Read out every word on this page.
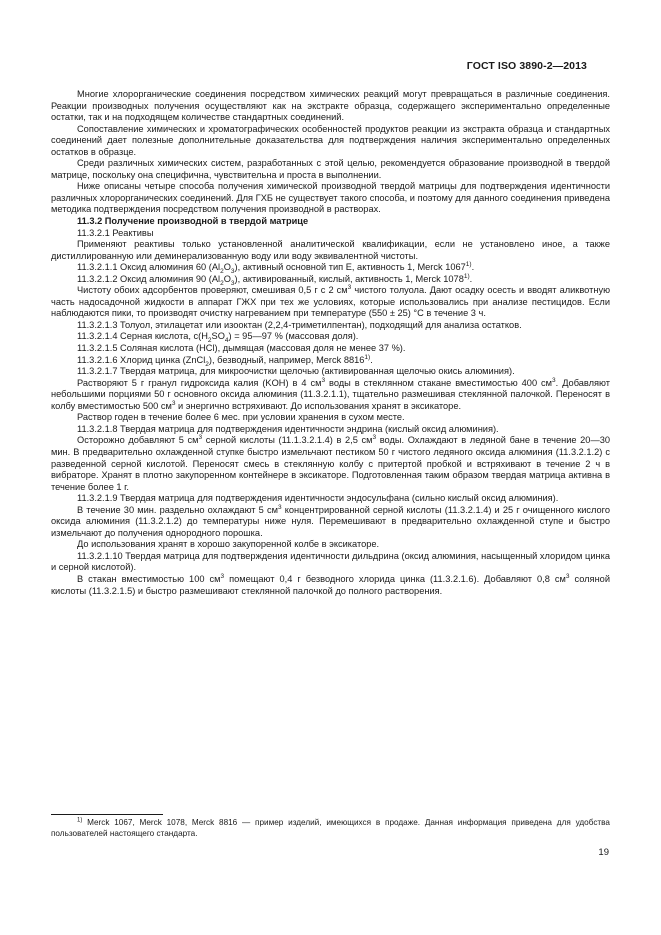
ГОСТ ISO 3890-2—2013

Многие хлорорганические соединения посредством химических реакций могут превращаться в различные соединения. Реакции производных получения осуществляют как на экстракте образца, содержащего экспериментально определенные остатки, так и на подходящем количестве стандартных соединений.

Сопоставление химических и хроматографических особенностей продуктов реакции из экстракта образца и стандартных соединений дает полезные дополнительные доказательства для подтверждения наличия экспериментально определенных остатков в образце.

Среди различных химических систем, разработанных с этой целью, рекомендуется образование производной в твердой матрице, поскольку она специфична, чувствительна и проста в выполнении.

Ниже описаны четыре способа получения химической производной твердой матрицы для подтверждения идентичности различных хлорорганических соединений. Для ГХБ не существует такого способа, и поэтому для данного соединения приведена методика подтверждения посредством получения производной в растворах.

11.3.2 Получение производной в твердой матрице

11.3.2.1 Реактивы

Применяют реактивы только установленной аналитической квалификации, если не установлено иное, а также дистиллированную или деминерализованную воду или воду эквивалентной чистоты.

11.3.2.1.1 Оксид алюминия 60 $(Al_2O_3)$, активный основной тип E, активность 1, Merck 1067$^{1)}$.

11.3.2.1.2 Оксид алюминия 90 $(Al_2O_3)$, активированный, кислый, активность 1, Merck 1078$^{1)}$.

Чистоту обоих адсорбентов проверяют, смешивая 0,5 г с 2 $см^3$ чистого толуола. Дают осадку осесть и вводят аликвотную часть надосадочной жидкости в аппарат ГЖХ при тех же условиях, которые использовались при анализе пестицидов. Если наблюдаются пики, то производят очистку нагреванием при температуре (550 ± 25) °С в течение 3 ч.

11.3.2.1.3 Толуол, этилацетат или изооктан (2,2,4-триметилпентан), подходящий для анализа остатков.

11.3.2.1.4 Серная кислота, $с(H_2SO_4)$ = 95—97 % (массовая доля).

11.3.2.1.5 Соляная кислота (HCl), дымящая (массовая доля не менее 37 %).

11.3.2.1.6 Хлорид цинка (ZnCl$_2$), безводный, например, Merck 8816$^{1)}$.

11.3.2.1.7 Твердая матрица, для микроочистки щелочью (активированная щелочью окись алюминия).

Растворяют 5 г гранул гидроксида калия (KOH) в 4 $см^3$ воды в стеклянном стакане вместимостью 400 $см^3$. Добавляют небольшими порциями 50 г основного оксида алюминия (11.3.2.1.1), тщательно размешивая стеклянной палочкой. Переносят в колбу вместимостью 500 $см^3$ и энергично встряхивают. До использования хранят в эксикаторе.

Раствор годен в течение более 6 мес. при условии хранения в сухом месте.

11.3.2.1.8 Твердая матрица для подтверждения идентичности эндрина (кислый оксид алюминия).

Осторожно добавляют 5 $см^3$ серной кислоты (11.1.3.2.1.4) в 2,5 $см^3$ воды. Охлаждают в ледяной бане в течение 20—30 мин. В предварительно охлажденной ступке быстро измельчают пестиком 50 г чистого ледяного оксида алюминия (11.3.2.1.2) с разведенной серной кислотой. Переносят смесь в стеклянную колбу с притертой пробкой и встряхивают в течение 2 ч в вибраторе. Хранят в плотно закупоренном контейнере в эксикаторе. Подготовленная таким образом твердая матрица активна в течение более 1 г.

11.3.2.1.9 Твердая матрица для подтверждения идентичности эндосульфана (сильно кислый оксид алюминия).

В течение 30 мин. раздельно охлаждают 5 $см^3$ концентрированной серной кислоты (11.3.2.1.4) и 25 г очищенного кислого оксида алюминия (11.3.2.1.2) до температуры ниже нуля. Перемешивают в предварительно охлажденной ступе и быстро измельчают до получения однородного порошка.

До использования хранят в хорошо закупоренной колбе в эксикаторе.

11.3.2.1.10 Твердая матрица для подтверждения идентичности дильдрина (оксид алюминия, насыщенный хлоридом цинка и серной кислотой).

В стакан вместимостью 100 $см^3$ помещают 0,4 г безводного хлорида цинка (11.3.2.1.6). Добавляют 0,8 $см^3$ соляной кислоты (11.3.2.1.5) и быстро размешивают стеклянной палочкой до полного растворения.

$^{1)}$ Merck 1067, Merck 1078, Merck 8816 — пример изделий, имеющихся в продаже. Данная информация приведена для удобства пользователей настоящего стандарта.
19
